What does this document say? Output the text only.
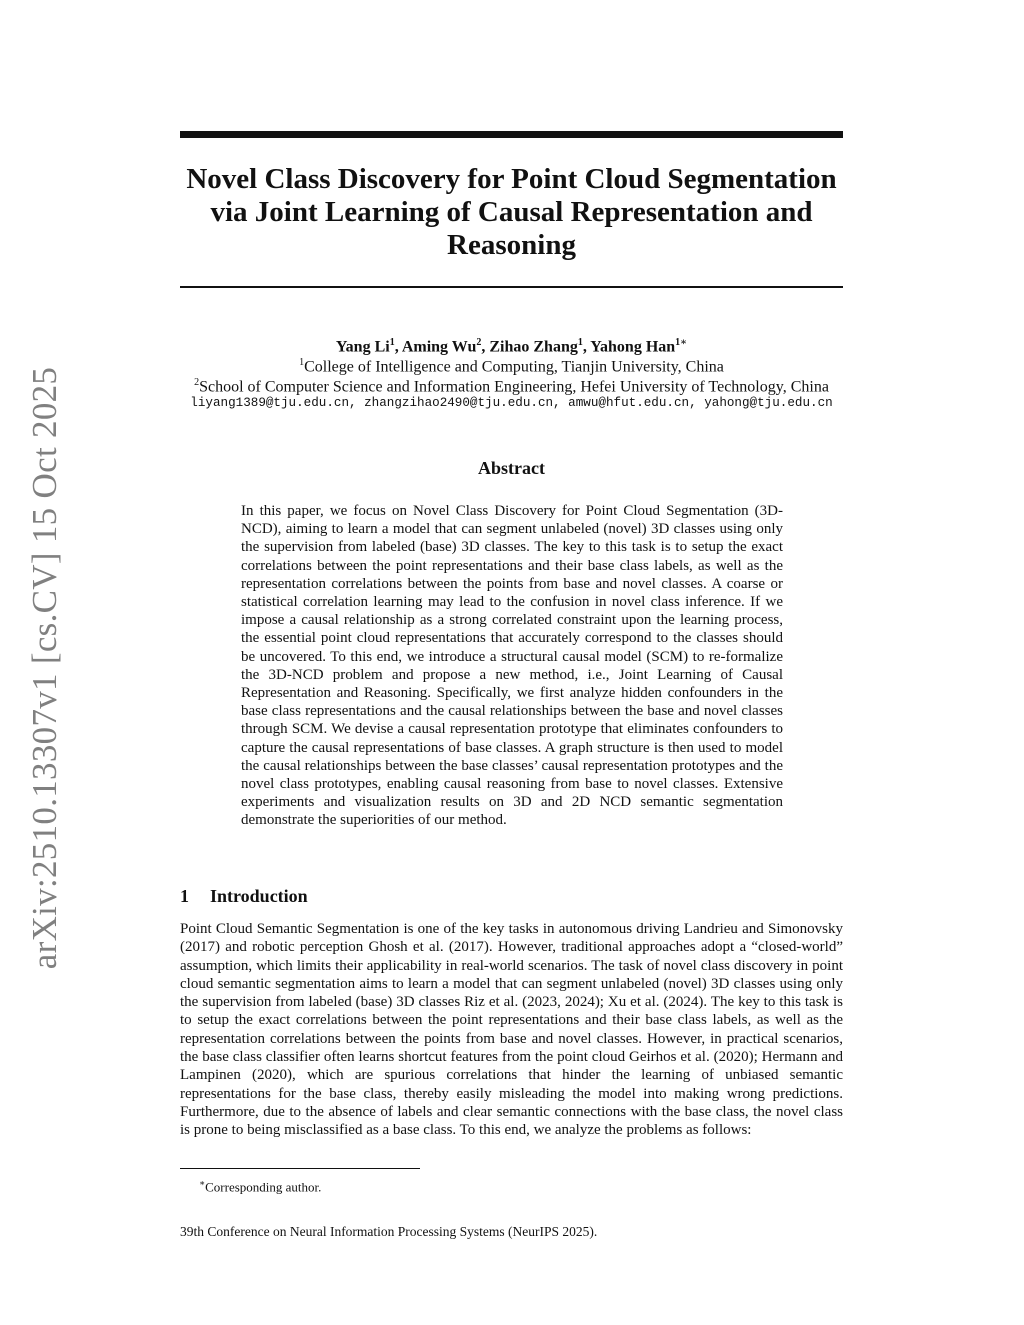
arXiv:2510.13307v1 [cs.CV] 15 Oct 2025
Novel Class Discovery for Point Cloud Segmentation
via Joint Learning of Causal Representation and
Reasoning
Yang Li$^1$, Aming Wu$^2$, Zihao Zhang$^1$, Yahong Han$^{1∗}$
$^1$College of Intelligence and Computing, Tianjin University, China
$^2$School of Computer Science and Information Engineering, Hefei University of Technology, China
liyang1389@tju.edu.cn, zhangzihao2490@tju.edu.cn, amwu@hfut.edu.cn, yahong@tju.edu.cn
Abstract
In this paper, we focus on Novel Class Discovery for Point Cloud Segmentation (3D-NCD), aiming to learn a model that can segment unlabeled (novel) 3D classes using only the supervision from labeled (base) 3D classes. The key to this task is to setup the exact correlations between the point representations and their base class labels, as well as the representation correlations between the points from base and novel classes. A coarse or statistical correlation learning may lead to the confusion in novel class inference. If we impose a causal relationship as a strong correlated constraint upon the learning process, the essential point cloud representations that accurately correspond to the classes should be uncovered. To this end, we introduce a structural causal model (SCM) to re-formalize the 3D-NCD problem and propose a new method, i.e., Joint Learning of Causal Representation and Reasoning. Specifically, we first analyze hidden confounders in the base class representations and the causal relationships between the base and novel classes through SCM. We devise a causal representation prototype that eliminates confounders to capture the causal representations of base classes. A graph structure is then used to model the causal relationships between the base classes’ causal representation prototypes and the novel class prototypes, enabling causal reasoning from base to novel classes. Extensive experiments and visualization results on 3D and 2D NCD semantic segmentation demonstrate the superiorities of our method.
1 Introduction
Point Cloud Semantic Segmentation is one of the key tasks in autonomous driving Landrieu and Simonovsky (2017) and robotic perception Ghosh et al. (2017). However, traditional approaches adopt a “closed-world” assumption, which limits their applicability in real-world scenarios. The task of novel class discovery in point cloud semantic segmentation aims to learn a model that can segment unlabeled (novel) 3D classes using only the supervision from labeled (base) 3D classes Riz et al. (2023, 2024); Xu et al. (2024). The key to this task is to setup the exact correlations between the point representations and their base class labels, as well as the representation correlations between the points from base and novel classes. However, in practical scenarios, the base class classifier often learns shortcut features from the point cloud Geirhos et al. (2020); Hermann and Lampinen (2020), which are spurious correlations that hinder the learning of unbiased semantic representations for the base class, thereby easily misleading the model into making wrong predictions. Furthermore, due to the absence of labels and clear semantic connections with the base class, the novel class is prone to being misclassified as a base class. To this end, we analyze the problems as follows:
∗Corresponding author.
39th Conference on Neural Information Processing Systems (NeurIPS 2025).
